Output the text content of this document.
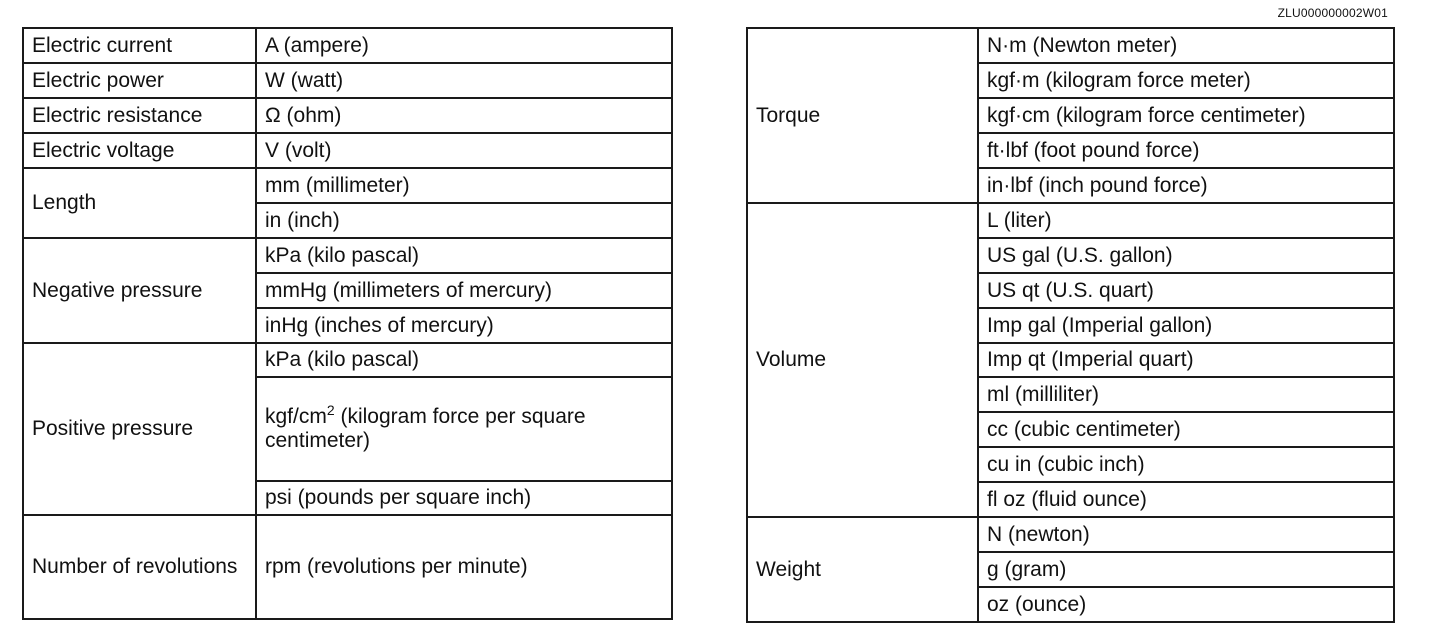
ZLU000000002W01
Electric current	A (ampere)
Electric power	W (watt)
Electric resistance	Ω (ohm)
Electric voltage	V (volt)
Length	mm (millimeter)
	in (inch)
Negative pressure	kPa (kilo pascal)
	mmHg (millimeters of mercury)
	inHg (inches of mercury)
Positive pressure	kPa (kilo pascal)
	kgf/$cm^2$ (kilogram force per square centimeter)
	psi (pounds per square inch)
Number of revolutions	rpm (revolutions per minute)
Torque	N·m (Newton meter)
	kgf·m (kilogram force meter)
	kgf·cm (kilogram force centimeter)
	ft·lbf (foot pound force)
	in·lbf (inch pound force)
Volume	L (liter)
	US gal (U.S. gallon)
	US qt (U.S. quart)
	Imp gal (Imperial gallon)
	Imp qt (Imperial quart)
	ml (milliliter)
	cc (cubic centimeter)
	cu in (cubic inch)
	fl oz (fluid ounce)
Weight	N (newton)
	g (gram)
	oz (ounce)
